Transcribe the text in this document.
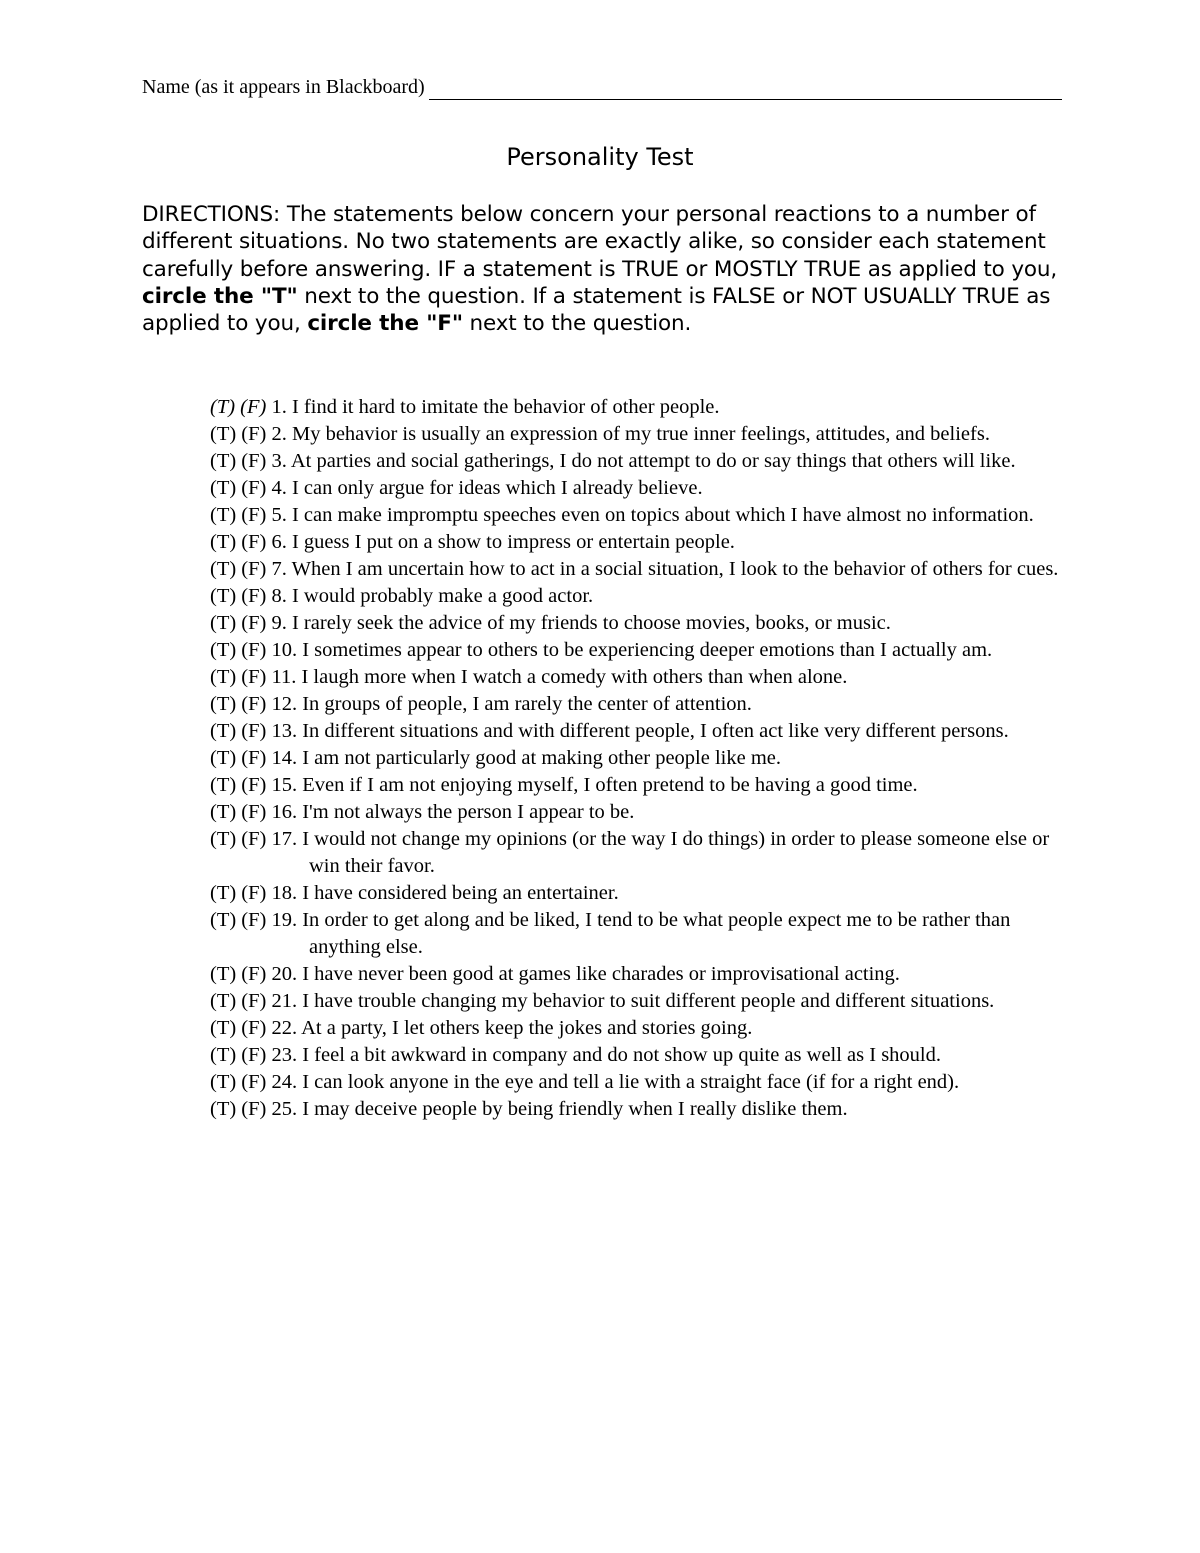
Name (as it appears in Blackboard)
Personality Test
DIRECTIONS: The statements below concern your personal reactions to a number of different situations. No two statements are exactly alike, so consider each statement carefully before answering. IF a statement is TRUE or MOSTLY TRUE as applied to you, circle the "T" next to the question. If a statement is FALSE or NOT USUALLY TRUE as applied to you, circle the "F" next to the question.
(T) (F) 1. I find it hard to imitate the behavior of other people.
(T) (F) 2. My behavior is usually an expression of my true inner feelings, attitudes, and beliefs.
(T) (F) 3. At parties and social gatherings, I do not attempt to do or say things that others will like.
(T) (F) 4. I can only argue for ideas which I already believe.
(T) (F) 5. I can make impromptu speeches even on topics about which I have almost no information.
(T) (F) 6. I guess I put on a show to impress or entertain people.
(T) (F) 7. When I am uncertain how to act in a social situation, I look to the behavior of others for cues.
(T) (F) 8. I would probably make a good actor.
(T) (F) 9. I rarely seek the advice of my friends to choose movies, books, or music.
(T) (F) 10. I sometimes appear to others to be experiencing deeper emotions than I actually am.
(T) (F) 11. I laugh more when I watch a comedy with others than when alone.
(T) (F) 12. In groups of people, I am rarely the center of attention.
(T) (F) 13. In different situations and with different people, I often act like very different persons.
(T) (F) 14. I am not particularly good at making other people like me.
(T) (F) 15. Even if I am not enjoying myself, I often pretend to be having a good time.
(T) (F) 16. I'm not always the person I appear to be.
(T) (F) 17. I would not change my opinions (or the way I do things) in order to please someone else or win their favor.
(T) (F) 18. I have considered being an entertainer.
(T) (F) 19. In order to get along and be liked, I tend to be what people expect me to be rather than anything else.
(T) (F) 20. I have never been good at games like charades or improvisational acting.
(T) (F) 21. I have trouble changing my behavior to suit different people and different situations.
(T) (F) 22. At a party, I let others keep the jokes and stories going.
(T) (F) 23. I feel a bit awkward in company and do not show up quite as well as I should.
(T) (F) 24. I can look anyone in the eye and tell a lie with a straight face (if for a right end).
(T) (F) 25. I may deceive people by being friendly when I really dislike them.
